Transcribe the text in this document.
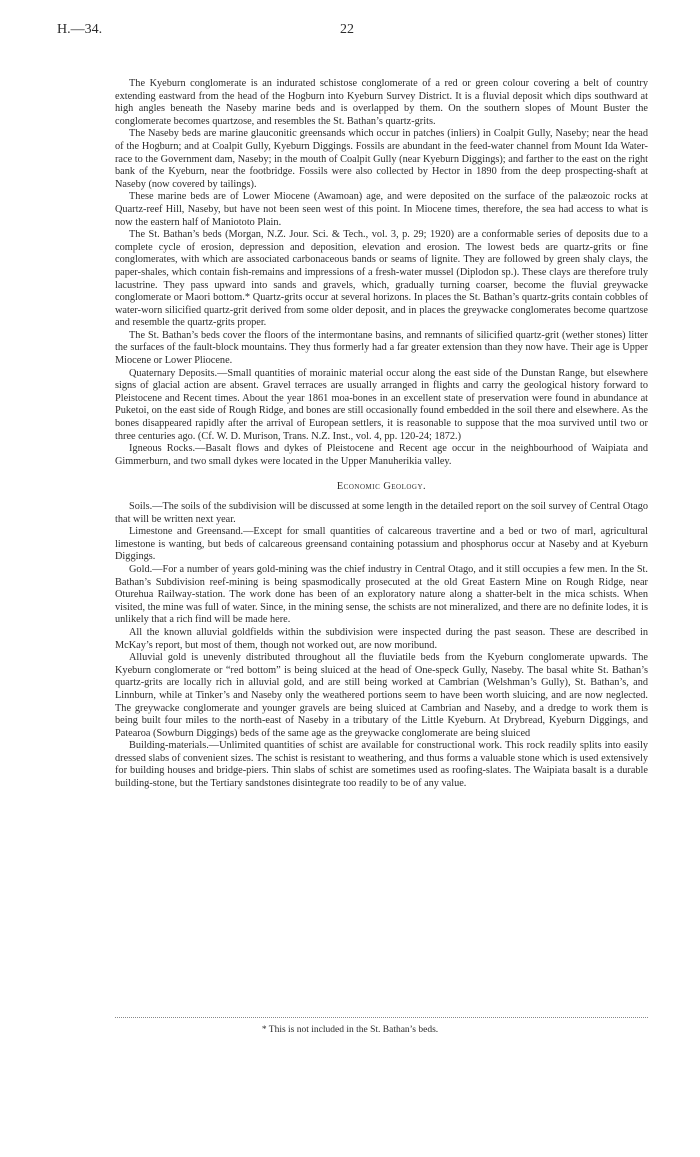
H.—34.	22

The Kyeburn conglomerate is an indurated schistose conglomerate of a red or green colour covering a belt of country extending eastward from the head of the Hogburn into Kyeburn Survey District. It is a fluvial deposit which dips southward at high angles beneath the Naseby marine beds and is overlapped by them. On the southern slopes of Mount Buster the conglomerate becomes quartzose, and resembles the St. Bathan’s quartz-grits.

The Naseby beds are marine glauconitic greensands which occur in patches (inliers) in Coalpit Gully, Naseby; near the head of the Hogburn; and at Coalpit Gully, Kyeburn Diggings. Fossils are abundant in the feed-water channel from Mount Ida Water-race to the Government dam, Naseby; in the mouth of Coalpit Gully (near Kyeburn Diggings); and farther to the east on the right bank of the Kyeburn, near the footbridge. Fossils were also collected by Hector in 1890 from the deep prospecting-shaft at Naseby (now covered by tailings).

These marine beds are of Lower Miocene (Awamoan) age, and were deposited on the surface of the palæozoic rocks at Quartz-reef Hill, Naseby, but have not been seen west of this point. In Miocene times, therefore, the sea had access to what is now the eastern half of Maniototo Plain.

The St. Bathan’s beds (Morgan, N.Z. Jour. Sci. & Tech., vol. 3, p. 29; 1920) are a conformable series of deposits due to a complete cycle of erosion, depression and deposition, elevation and erosion. The lowest beds are quartz-grits or fine conglomerates, with which are associated carbonaceous bands or seams of lignite. They are followed by green shaly clays, the paper-shales, which contain fish-remains and impressions of a fresh-water mussel (Diplodon sp.). These clays are therefore truly lacustrine. They pass upward into sands and gravels, which, gradually turning coarser, become the fluvial greywacke conglomerate or Maori bottom.* Quartz-grits occur at several horizons. In places the St. Bathan’s quartz-grits contain cobbles of water-worn silicified quartz-grit derived from some older deposit, and in places the greywacke conglomerates become quartzose and resemble the quartz-grits proper.

The St. Bathan’s beds cover the floors of the intermontane basins, and remnants of silicified quartz-grit (wether stones) litter the surfaces of the fault-block mountains. They thus formerly had a far greater extension than they now have. Their age is Upper Miocene or Lower Pliocene.

Quaternary Deposits.—Small quantities of morainic material occur along the east side of the Dunstan Range, but elsewhere signs of glacial action are absent. Gravel terraces are usually arranged in flights and carry the geological history forward to Pleistocene and Recent times. About the year 1861 moa-bones in an excellent state of preservation were found in abundance at Puketoi, on the east side of Rough Ridge, and bones are still occasionally found embedded in the soil there and elsewhere. As the bones disappeared rapidly after the arrival of European settlers, it is reasonable to suppose that the moa survived until two or three centuries ago. (Cf. W. D. Murison, Trans. N.Z. Inst., vol. 4, pp. 120-24; 1872.)

Igneous Rocks.—Basalt flows and dykes of Pleistocene and Recent age occur in the neighbourhood of Waipiata and Gimmerburn, and two small dykes were located in the Upper Manuherikia valley.

Economic Geology.

Soils.—The soils of the subdivision will be discussed at some length in the detailed report on the soil survey of Central Otago that will be written next year.

Limestone and Greensand.—Except for small quantities of calcareous travertine and a bed or two of marl, agricultural limestone is wanting, but beds of calcareous greensand containing potassium and phosphorus occur at Naseby and at Kyeburn Diggings.

Gold.—For a number of years gold-mining was the chief industry in Central Otago, and it still occupies a few men. In the St. Bathan’s Subdivision reef-mining is being spasmodically prosecuted at the old Great Eastern Mine on Rough Ridge, near Oturehua Railway-station. The work done has been of an exploratory nature along a shatter-belt in the mica schists. When visited, the mine was full of water. Since, in the mining sense, the schists are not mineralized, and there are no definite lodes, it is unlikely that a rich find will be made here.

All the known alluvial goldfields within the subdivision were inspected during the past season. These are described in McKay’s report, but most of them, though not worked out, are now moribund.

Alluvial gold is unevenly distributed throughout all the fluviatile beds from the Kyeburn conglomerate upwards. The Kyeburn conglomerate or “red bottom” is being sluiced at the head of One-speck Gully, Naseby. The basal white St. Bathan’s quartz-grits are locally rich in alluvial gold, and are still being worked at Cambrian (Welshman’s Gully), St. Bathan’s, and Linnburn, while at Tinker’s and Naseby only the weathered portions seem to have been worth sluicing, and are now neglected. The greywacke conglomerate and younger gravels are being sluiced at Cambrian and Naseby, and a dredge to work them is being built four miles to the north-east of Naseby in a tributary of the Little Kyeburn. At Drybread, Kyeburn Diggings, and Patearoa (Sowburn Diggings) beds of the same age as the greywacke conglomerate are being sluiced

Building-materials.—Unlimited quantities of schist are available for constructional work. This rock readily splits into easily dressed slabs of convenient sizes. The schist is resistant to weathering, and thus forms a valuable stone which is used extensively for building houses and bridge-piers. Thin slabs of schist are sometimes used as roofing-slates. The Waipiata basalt is a durable building-stone, but the Tertiary sandstones disintegrate too readily to be of any value.

* This is not included in the St. Bathan’s beds.
